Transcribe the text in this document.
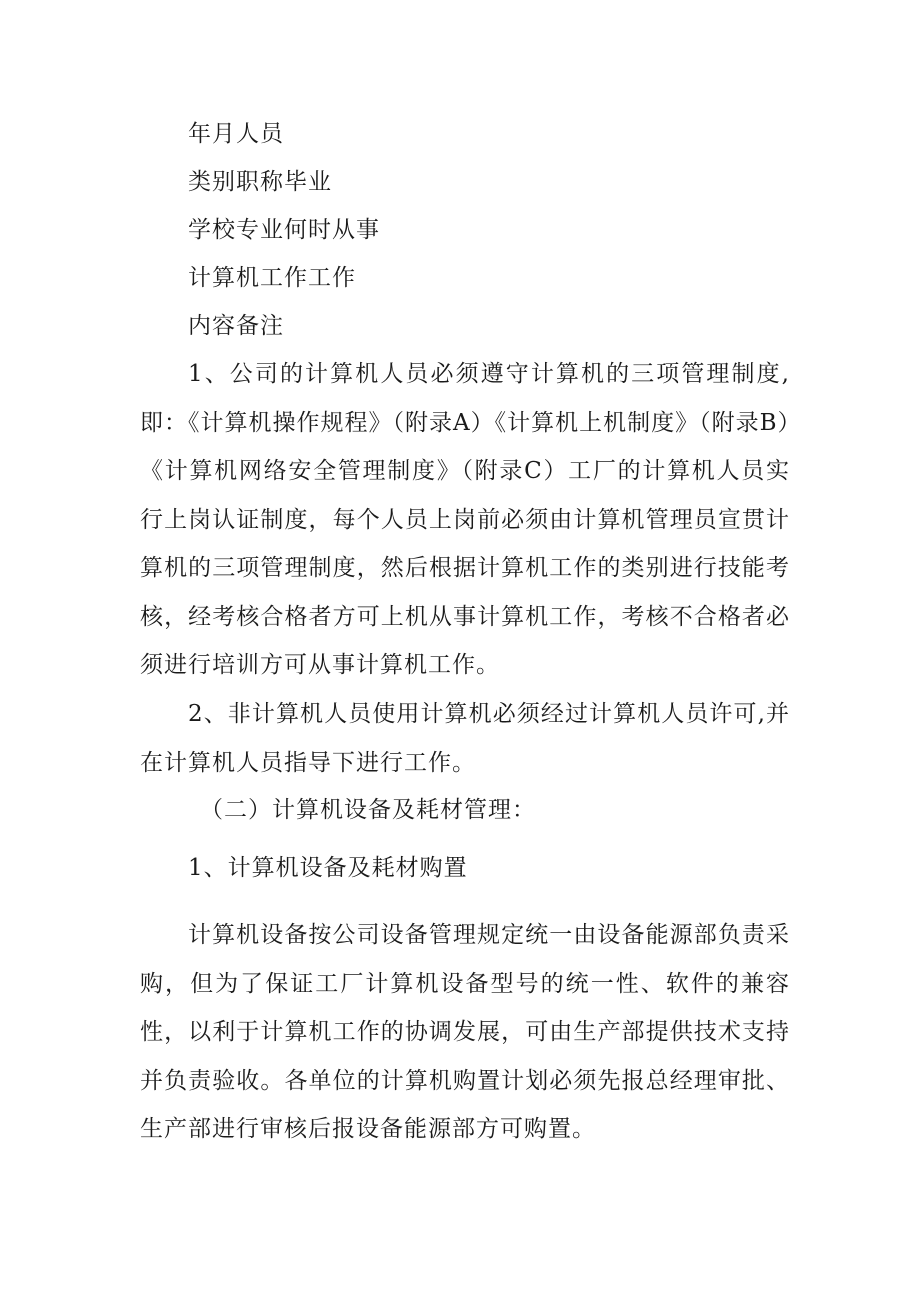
年月人员
类别职称毕业
学校专业何时从事
计算机工作工作
内容备注
1、公司的计算机人员必须遵守计算机的三项管理制度,即：《计算机操作规程》（附录A）《计算机上机制度》（附录B）《计算机网络安全管理制度》（附录C）工厂的计算机人员实行上岗认证制度，每个人员上岗前必须由计算机管理员宣贯计算机的三项管理制度，然后根据计算机工作的类别进行技能考核，经考核合格者方可上机从事计算机工作，考核不合格者必须进行培训方可从事计算机工作。
2、非计算机人员使用计算机必须经过计算机人员许可,并在计算机人员指导下进行工作。
（二）计算机设备及耗材管理：
1、计算机设备及耗材购置
计算机设备按公司设备管理规定统一由设备能源部负责采购，但为了保证工厂计算机设备型号的统一性、软件的兼容性，以利于计算机工作的协调发展，可由生产部提供技术支持并负责验收。各单位的计算机购置计划必须先报总经理审批、生产部进行审核后报设备能源部方可购置。
